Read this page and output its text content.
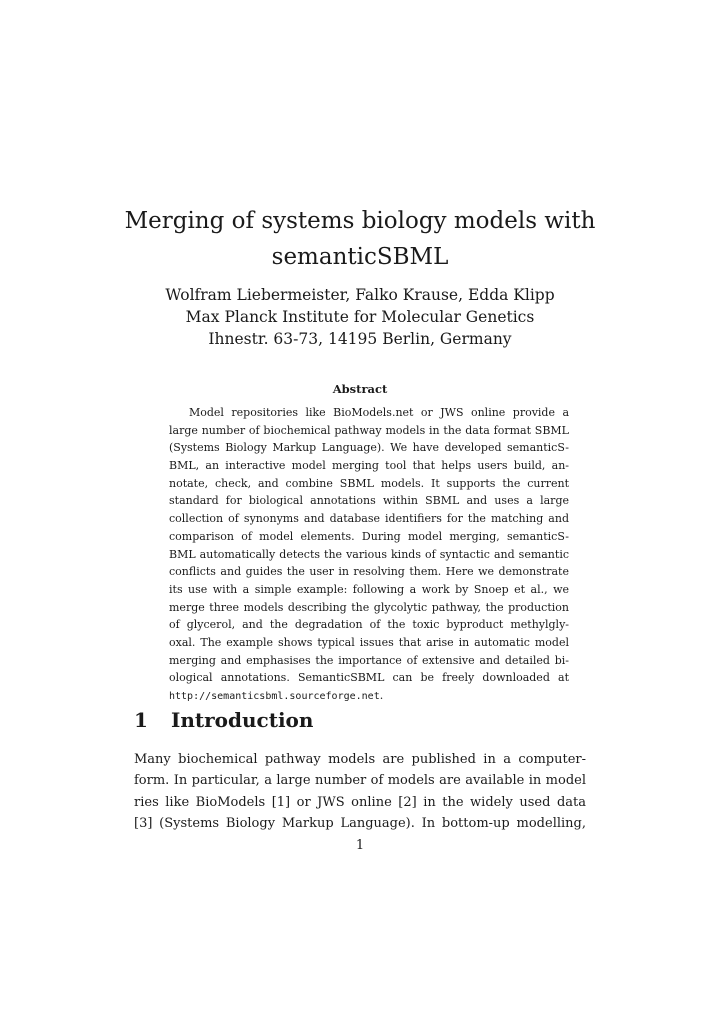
Merging of systems biology models with
semanticSBML
Wolfram Liebermeister, Falko Krause, Edda Klipp
Max Planck Institute for Molecular Genetics
Ihnestr. 63-73, 14195 Berlin, Germany
Abstract
Model repositories like BioModels.net or JWS online provide a
large number of biochemical pathway models in the data format SBML
(Systems Biology Markup Language). We have developed semanticS-
BML, an interactive model merging tool that helps users build, an-
notate, check, and combine SBML models. It supports the current
standard for biological annotations within SBML and uses a large
collection of synonyms and database identifiers for the matching and
comparison of model elements. During model merging, semanticS-
BML automatically detects the various kinds of syntactic and semantic
conflicts and guides the user in resolving them. Here we demonstrate
its use with a simple example: following a work by Snoep et al., we
merge three models describing the glycolytic pathway, the production
of glycerol, and the degradation of the toxic byproduct methylgly-
oxal. The example shows typical issues that arise in automatic model
merging and emphasises the importance of extensive and detailed bi-
ological annotations. SemanticSBML can be freely downloaded at
http://semanticsbml.sourceforge.net.
1 Introduction
Many biochemical pathway models are published in a computer-
form. In particular, a large number of models are available in model
ries like BioModels [1] or JWS online [2] in the widely used data
[3] (Systems Biology Markup Language). In bottom-up modelling,
1
